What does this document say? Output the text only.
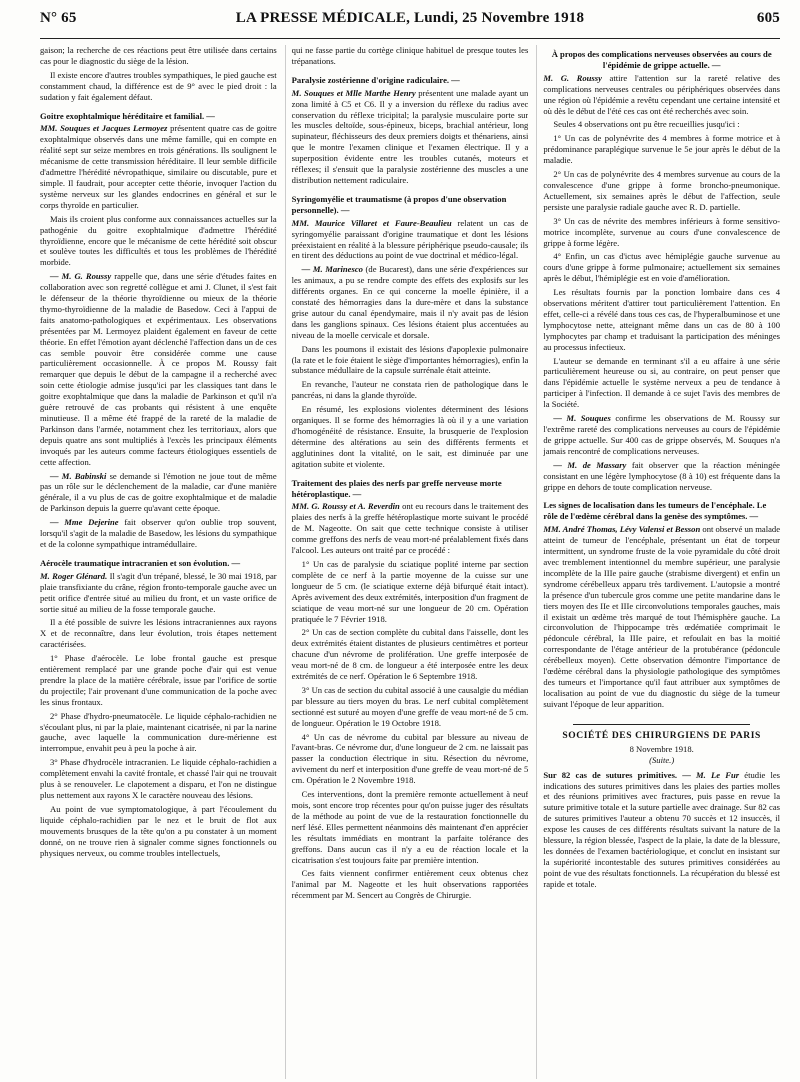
N° 65	LA PRESSE MÉDICALE, Lundi, 25 Novembre 1918	605

gaison; la recherche de ces réactions peut être utilisée dans certains cas pour le diagnostic du siège de la lésion.

Il existe encore d'autres troubles sympathiques, le pied gauche est constamment chaud, la différence est de 9° avec le pied droit : la sudation y fait également défaut.

Goitre exophtalmique héréditaire et familial. —

MM. Souques et Jacques Lermoyez présentent quatre cas de goitre exophtalmique observés dans une même famille, qui en compte en réalité sept sur seize membres en trois générations. Ils soulignent le mécanisme de cette transmission héréditaire. Il leur semble difficile d'admettre l'hérédité névropathique, similaire ou discutable, pure et simple. Il faudrait, pour accepter cette théorie, invoquer l'action du système nerveux sur les glandes endocrines en général et sur le corps thyroïde en particulier.

Mais ils croient plus conforme aux connaissances actuelles sur la pathogénie du goitre exophtalmique d'admettre l'hérédité thyroïdienne, encore que le mécanisme de cette hérédité soit obscur et soulève toutes les difficultés et tous les problèmes de l'hérédité morbide.

— M. G. Roussy rappelle que, dans une série d'études faites en collaboration avec son regretté collègue et ami J. Clunet, il s'est fait le défenseur de la théorie thyroïdienne ou mieux de la théorie thymo-thyroïdienne de la maladie de Basedow. Ceci à l'appui de faits anatomo-pathologiques et expérimentaux. Les observations présentées par M. Lermoyez plaident également en faveur de cette théorie. En effet l'émotion ayant déclenché l'affection dans un de ces cas semble pouvoir être considérée comme une cause particulièrement occasionnelle. À ce propos M. Roussy fait remarquer que depuis le début de la campagne il a recherché avec soin cette étiologie admise jusqu'ici par les classiques tant dans le goitre exophtalmique que dans la maladie de Parkinson et qu'il n'a guère retrouvé de cas probants qui résistent à une enquête minutieuse. Il a même été frappé de la rareté de la maladie de Parkinson dans l'armée, notamment chez les territoriaux, alors que depuis quatre ans sont multipliés à l'excès les principaux éléments invoqués par les auteurs comme facteurs étiologiques essentiels de cette affection.

— M. Babinski se demande si l'émotion ne joue tout de même pas un rôle sur le déclenchement de la maladie, car d'une manière générale, il a vu plus de cas de goitre exophtalmique et de maladie de Parkinson depuis la guerre qu'avant cette époque.

— Mme Dejerine fait observer qu'on oublie trop souvent, lorsqu'il s'agit de la maladie de Basedow, les lésions du sympathique et de la colonne sympathique intramédullaire.

Aérocèle traumatique intracranien et son évolution. —

M. Roger Glénard. Il s'agit d'un trépané, blessé, le 30 mai 1918, par plaie transfixiante du crâne, région fronto-temporale gauche avec un petit orifice d'entrée situé au milieu du front, et un vaste orifice de sortie situé au milieu de la fosse temporale gauche.

Il a été possible de suivre les lésions intracraniennes aux rayons X et de reconnaître, dans leur évolution, trois étapes nettement caractérisées.

1° Phase d'aérocèle. Le lobe frontal gauche est presque entièrement remplacé par une grande poche d'air qui est venue prendre la place de la matière cérébrale, issue par l'orifice de sortie du projectile; l'air provenant d'une communication de la poche avec les sinus frontaux.

2° Phase d'hydro-pneumatocèle. Le liquide céphalo-rachidien ne s'écoulant plus, ni par la plaie, maintenant cicatrisée, ni par la narine gauche, avec laquelle la communication dure-mérienne est interrompue, envahit peu à peu la poche à air.

3° Phase d'hydrocèle intracranien. Le liquide céphalo-rachidien a complètement envahi la cavité frontale, et chassé l'air qui ne trouvait plus à se renouveler. Le clapotement a disparu, et l'on ne distingue plus nettement aux rayons X le caractère nouveau des lésions.

Au point de vue symptomatologique, à part l'écoulement du liquide céphalo-rachidien par le nez et le bruit de flot aux mouvements brusques de la tête qu'on a pu constater à un moment donné, on ne trouve rien à signaler comme signes fonctionnels ou physiques nerveux, ou comme troubles intellectuels,

qui ne fasse partie du cortège clinique habituel de presque toutes les trépanations.

Paralysie zostérienne d'origine radiculaire. —

M. Souques et Mlle Marthe Henry présentent une malade ayant un zona limité à C5 et C6. Il y a inversion du réflexe du radius avec conservation du réflexe tricipital; la paralysie musculaire porte sur les muscles deltoïde, sous-épineux, biceps, brachial antérieur, long supinateur, fléchisseurs des deux premiers doigts et thénariens, ainsi que le montre l'examen clinique et l'examen électrique. Il y a superposition évidente entre les troubles cutanés, moteurs et réflexes; il s'ensuit que la paralysie zostérienne des muscles a une distribution nettement radiculaire.

Syringomyélie et traumatisme (à propos d'une observation personnelle). —

MM. Maurice Villaret et Faure-Beaulieu relatent un cas de syringomyélie paraissant d'origine traumatique et dont les lésions préexistaient en réalité à la blessure périphérique pseudo-causale; ils en tirent des déductions au point de vue doctrinal et médico-légal.

— M. Marinesco (de Bucarest), dans une série d'expériences sur les animaux, a pu se rendre compte des effets des explosifs sur les différents organes. En ce qui concerne la moelle épinière, il a constaté des hémorragies dans la dure-mère et dans la substance grise autour du canal épendymaire, mais il n'y avait pas de lésion dans les ganglions spinaux. Ces lésions étaient plus accentuées au niveau de la moelle cervicale et dorsale.

Dans les poumons il existait des lésions d'apoplexie pulmonaire (la rate et le foie étaient le siège d'importantes hémorragies), enfin la substance médullaire de la capsule surrénale était atteinte.

En revanche, l'auteur ne constata rien de pathologique dans le pancréas, ni dans la glande thyroïde.

En résumé, les explosions violentes déterminent des lésions organiques. Il se forme des hémorragies là où il y a une variation d'homogénéité de résistance. Ensuite, la brusquerie de l'explosion détermine des altérations au sein des différents ferments et agglutinines dont la vitalité, on le sait, est diminuée par une agitation subite et violente.

Traitement des plaies des nerfs par greffe nerveuse morte hétéroplastique. —

MM. G. Roussy et A. Reverdin ont eu recours dans le traitement des plaies des nerfs à la greffe hétéroplastique morte suivant le procédé de M. Nageotte. On sait que cette technique consiste à utiliser comme greffons des nerfs de veau mort-né préalablement fixés dans l'alcool. Les auteurs ont traité par ce procédé :

1° Un cas de paralysie du sciatique poplité interne par section complète de ce nerf à la partie moyenne de la cuisse sur une longueur de 5 cm. (le sciatique externe déjà bifurqué était intact). Après avivement des deux extrémités, interposition d'un fragment de sciatique de veau mort-né sur une longueur de 20 cm. Opération pratiquée le 7 Février 1918.

2° Un cas de section complète du cubital dans l'aisselle, dont les deux extrémités étaient distantes de plusieurs centimètres et porteur chacune d'un névrome de prolifération. Une greffe interposée de veau mort-né de 8 cm. de longueur a été interposée entre les deux extrémités de ce nerf. Opération le 6 Septembre 1918.

3° Un cas de section du cubital associé à une causalgie du médian par blessure au tiers moyen du bras. Le nerf cubital complètement sectionné est suturé au moyen d'une greffe de veau mort-né de 5 cm. de longueur. Opération le 19 Octobre 1918.

4° Un cas de névrome du cubital par blessure au niveau de l'avant-bras. Ce névrome dur, d'une longueur de 2 cm. ne laissait pas passer la conduction électrique in situ. Résection du névrome, avivement du nerf et interposition d'une greffe de veau mort-né de 5 cm. Opération le 2 Novembre 1918.

Ces interventions, dont la première remonte actuellement à neuf mois, sont encore trop récentes pour qu'on puisse juger des résultats de la méthode au point de vue de la restauration fonctionnelle du nerf lésé. Elles permettent néanmoins dès maintenant d'en apprécier les résultats immédiats en montrant la parfaite tolérance des greffons. Dans aucun cas il n'y a eu de réaction locale et la cicatrisation s'est toujours faite par première intention.

Ces faits viennent confirmer entièrement ceux obtenus chez l'animal par M. Nageotte et les huit observations rapportées récemment par M. Sencert au Congrès de Chirurgie.

À propos des complications nerveuses observées au cours de l'épidémie de grippe actuelle. —

M. G. Roussy attire l'attention sur la rareté relative des complications nerveuses centrales ou périphériques observées dans une région où l'épidémie a revêtu cependant une certaine intensité et où dès le début de l'été ces cas ont été recherchés avec soin.

Seules 4 observations ont pu être recueillies jusqu'ici :

1° Un cas de polynévrite des 4 membres à forme motrice et à prédominance paraplégique survenue le 5e jour après le début de la maladie.

2° Un cas de polynévrite des 4 membres survenue au cours de la convalescence d'une grippe à forme broncho-pneumonique. Actuellement, six semaines après le début de l'affection, seule persiste une paralysie radiale gauche avec R. D. partielle.

3° Un cas de névrite des membres inférieurs à forme sensitivo-motrice incomplète, survenue au cours d'une convalescence de grippe à forme légère.

4° Enfin, un cas d'ictus avec hémiplégie gauche survenue au cours d'une grippe à forme pulmonaire; actuellement six semaines après le début, l'hémiplégie est en voie d'amélioration.

Les résultats fournis par la ponction lombaire dans ces 4 observations méritent d'attirer tout particulièrement l'attention. En effet, celle-ci a révélé dans tous ces cas, de l'hyperalbuminose et une lymphocytose nette, atteignant même dans un cas de 80 à 100 lymphocytes par champ et traduisant la participation des méninges au processus infectieux.

L'auteur se demande en terminant s'il a eu affaire à une série particulièrement heureuse ou si, au contraire, on peut penser que dans l'épidémie actuelle le système nerveux a peu de tendance à participer à l'infection. Il demande à ce sujet l'avis des membres de la Société.

— M. Souques confirme les observations de M. Roussy sur l'extrême rareté des complications nerveuses au cours de l'épidémie de grippe actuelle. Sur 400 cas de grippe observés, M. Souques n'a jamais rencontré de complications nerveuses.

— M. de Massary fait observer que la réaction méningée consistant en une légère lymphocytose (8 à 10) est fréquente dans la grippe en dehors de toute complication nerveuse.

Les signes de localisation dans les tumeurs de l'encéphale. Le rôle de l'œdème cérébral dans la genèse des symptômes. —

MM. André Thomas, Lévy Valensi et Besson ont observé un malade atteint de tumeur de l'encéphale, présentant un état de torpeur intermittent, un syndrome fruste de la voie pyramidale du côté droit avec tremblement intentionnel du membre supérieur, une paralysie incomplète de la IIIe paire gauche (strabisme divergent) et enfin un syndrome cérébelleux apparu très tardivement. L'autopsie a montré la présence d'un tubercule gros comme une petite mandarine dans le tiers moyen des IIe et IIIe circonvolutions temporales gauches, mais il existait un œdème très marqué de tout l'hémisphère gauche. La circonvolution de l'hippocampe très œdématiée comprimait le pédoncule cérébral, la IIIe paire, et refoulait en bas la moitié correspondante de l'étage antérieur de la protubérance (pédoncule cérébelleux moyen). Cette observation démontre l'importance de l'œdème cérébral dans la physiologie pathologique des symptômes des tumeurs et l'importance qu'il faut attribuer aux symptômes de localisation au point de vue du diagnostic du siège de la tumeur suivant l'époque de leur apparition.

SOCIÉTÉ DES CHIRURGIENS DE PARIS
8 Novembre 1918.
(Suite.)

Sur 82 cas de sutures primitives. — M. Le Fur étudie les indications des sutures primitives dans les plaies des parties molles et des réunions primitives avec fractures, puis passe en revue la suture primitive totale et la suture partielle avec drainage. Sur 82 cas de sutures primitives l'auteur a obtenu 70 succès et 12 insuccès, il expose les causes de ces différents résultats suivant la nature de la blessure, la région blessée, l'aspect de la plaie, la date de la blessure, les données de l'examen bactériologique, et conclut en insistant sur la supériorité incontestable des sutures primitives considérées au point de vue des résultats fonctionnels. La récupération du blessé est rapide et totale.
